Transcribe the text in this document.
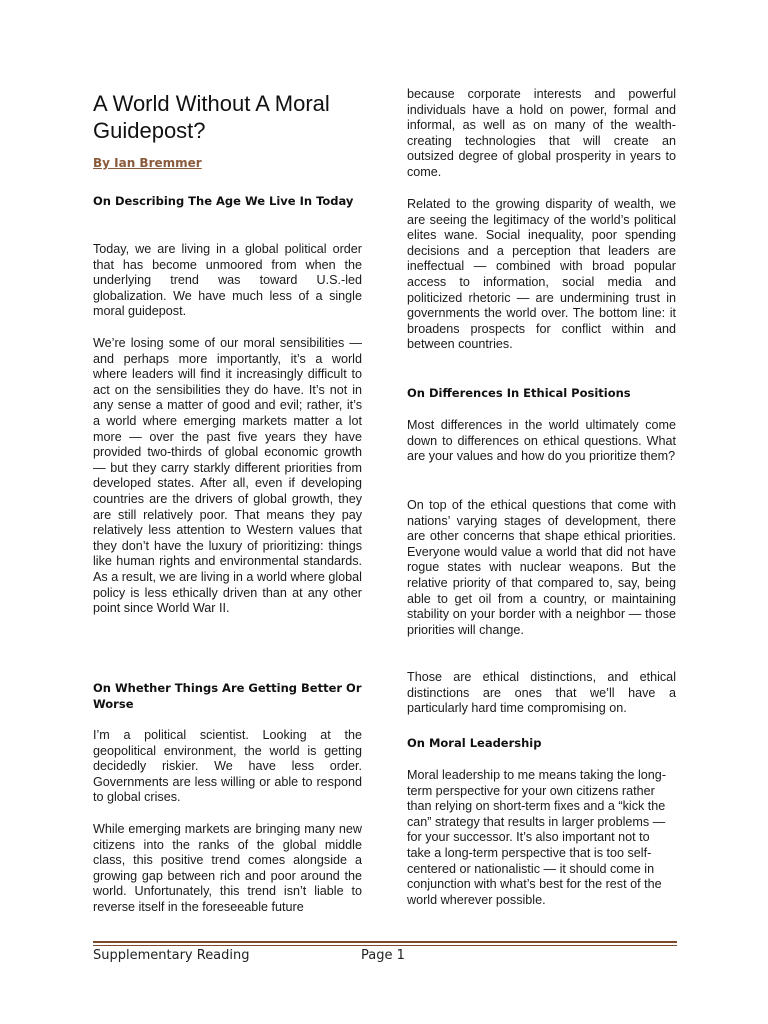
A World Without A Moral Guidepost?

By Ian Bremmer

On Describing The Age We Live In Today

Today, we are living in a global political order that has become unmoored from when the underlying trend was toward U.S.-led globalization. We have much less of a single moral guidepost.

We’re losing some of our moral sensibilities — and perhaps more importantly, it’s a world where leaders will find it increasingly difficult to act on the sensibilities they do have. It’s not in any sense a matter of good and evil; rather, it’s a world where emerging markets matter a lot more — over the past five years they have provided two-thirds of global economic growth — but they carry starkly different priorities from developed states. After all, even if developing countries are the drivers of global growth, they are still relatively poor. That means they pay relatively less attention to Western values that they don’t have the luxury of prioritizing: things like human rights and environmental standards. As a result, we are living in a world where global policy is less ethically driven than at any other point since World War II.

On Whether Things Are Getting Better Or Worse

I’m a political scientist. Looking at the geopolitical environment, the world is getting decidedly riskier. We have less order. Governments are less willing or able to respond to global crises.

While emerging markets are bringing many new citizens into the ranks of the global middle class, this positive trend comes alongside a growing gap between rich and poor around the world. Unfortunately, this trend isn’t liable to reverse itself in the foreseeable future

because corporate interests and powerful individuals have a hold on power, formal and informal, as well as on many of the wealth-creating technologies that will create an outsized degree of global prosperity in years to come.

Related to the growing disparity of wealth, we are seeing the legitimacy of the world’s political elites wane. Social inequality, poor spending decisions and a perception that leaders are ineffectual — combined with broad popular access to information, social media and politicized rhetoric — are undermining trust in governments the world over. The bottom line: it broadens prospects for conflict within and between countries.

On Differences In Ethical Positions

Most differences in the world ultimately come down to differences on ethical questions. What are your values and how do you prioritize them?

On top of the ethical questions that come with nations’ varying stages of development, there are other concerns that shape ethical priorities. Everyone would value a world that did not have rogue states with nuclear weapons. But the relative priority of that compared to, say, being able to get oil from a country, or maintaining stability on your border with a neighbor — those priorities will change.

Those are ethical distinctions, and ethical distinctions are ones that we’ll have a particularly hard time compromising on.

On Moral Leadership

Moral leadership to me means taking the long-term perspective for your own citizens rather than relying on short-term fixes and a “kick the can” strategy that results in larger problems — for your successor. It’s also important not to take a long-term perspective that is too self-centered or nationalistic — it should come in conjunction with what’s best for the rest of the world wherever possible.

Supplementary Reading	Page 1
